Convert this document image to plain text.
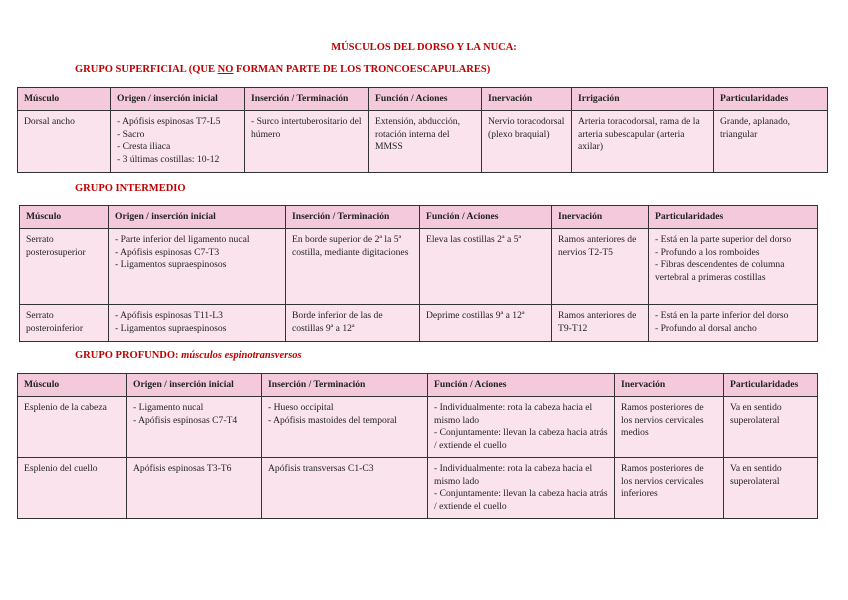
MÚSCULOS DEL DORSO Y LA NUCA:
GRUPO SUPERFICIAL (QUE NO FORMAN PARTE DE LOS TRONCOESCAPULARES)
Músculo	Origen / inserción inicial	Inserción / Terminación	Función / Aciones	Inervación	Irrigación	Particularidades

Dorsal ancho	- Apófisis espinosas T7-L5
- Sacro
- Cresta iliaca
- 3 últimas costillas: 10-12	- Surco intertuberositario del húmero	Extensión, abducción, rotación interna del MMSS	Nervio toracodorsal (plexo braquial)	Arteria toracodorsal, rama de la arteria subescapular (arteria axilar)	Grande, aplanado, triangular
GRUPO INTERMEDIO
Músculo	Origen / inserción inicial	Inserción / Terminación	Función / Aciones	Inervación	Particularidades

Serrato
posterosuperior	- Parte inferior del ligamento nucal
- Apófisis espinosas C7-T3
- Ligamentos supraespinosos	En borde superior de 2ª la 5ª costilla, mediante digitaciones	Eleva las costillas 2ª a 5ª	Ramos anteriores de nervios T2-T5	- Está en la parte superior del dorso
- Profundo a los romboides
- Fibras descendentes de columna vertebral a primeras costillas

Serrato
posteroinferior	- Apófisis espinosas T11-L3
- Ligamentos supraespinosos	Borde inferior de las de costillas 9ª a 12ª	Deprime costillas 9ª a 12ª	Ramos anteriores de T9-T12	- Está en la parte inferior del dorso
- Profundo al dorsal ancho
GRUPO PROFUNDO: músculos espinotransversos
Músculo	Origen / inserción inicial	Inserción / Terminación	Función / Aciones	Inervación	Particularidades

Esplenio de la cabeza	- Ligamento nucal
- Apófisis espinosas C7-T4	- Hueso occipital
- Apófisis mastoides del temporal	- Individualmente: rota la cabeza hacia el mismo lado
- Conjuntamente: llevan la cabeza hacia atrás / extiende el cuello	Ramos posteriores de los nervios cervicales medios	Va en sentido superolateral

Esplenio del cuello	Apófisis espinosas T3-T6	Apófisis transversas C1-C3	- Individualmente: rota la cabeza hacia el mismo lado
- Conjuntamente: llevan la cabeza hacia atrás / extiende el cuello	Ramos posteriores de los nervios cervicales inferiores	Va en sentido superolateral
